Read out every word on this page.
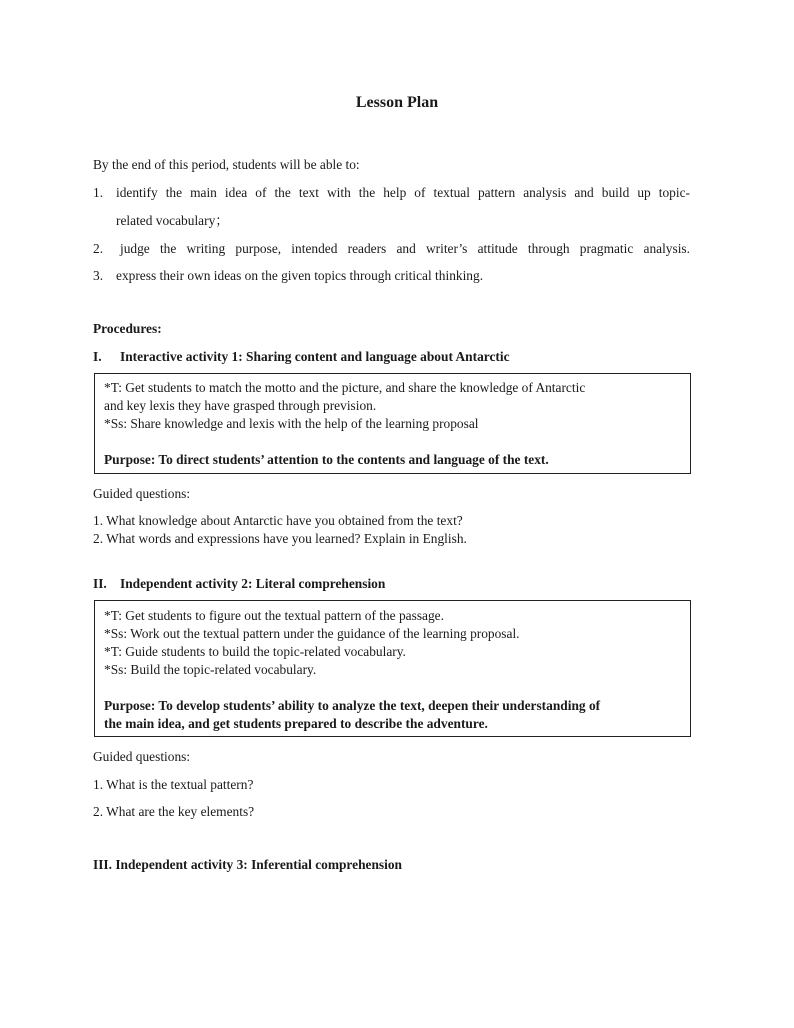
Lesson Plan
By the end of this period, students will be able to:
1. identify the main idea of the text with the help of textual pattern analysis and build up topic-
related vocabulary；
2. judge the writing purpose, intended readers and writer’s attitude through pragmatic analysis.
3. express their own ideas on the given topics through critical thinking.
Procedures:
I. Interactive activity 1: Sharing content and language about Antarctic
*T: Get students to match the motto and the picture, and share the knowledge of Antarctic
and key lexis they have grasped through prevision.
*Ss: Share knowledge and lexis with the help of the learning proposal
Purpose: To direct students’ attention to the contents and language of the text.
Guided questions:
1. What knowledge about Antarctic have you obtained from the text?
2. What words and expressions have you learned? Explain in English.
II. Independent activity 2: Literal comprehension
*T: Get students to figure out the textual pattern of the passage.
*Ss: Work out the textual pattern under the guidance of the learning proposal.
*T: Guide students to build the topic-related vocabulary.
*Ss: Build the topic-related vocabulary.
Purpose: To develop students’ ability to analyze the text, deepen their understanding of
the main idea, and get students prepared to describe the adventure.
Guided questions:
1. What is the textual pattern?
2. What are the key elements?
III. Independent activity 3: Inferential comprehension
